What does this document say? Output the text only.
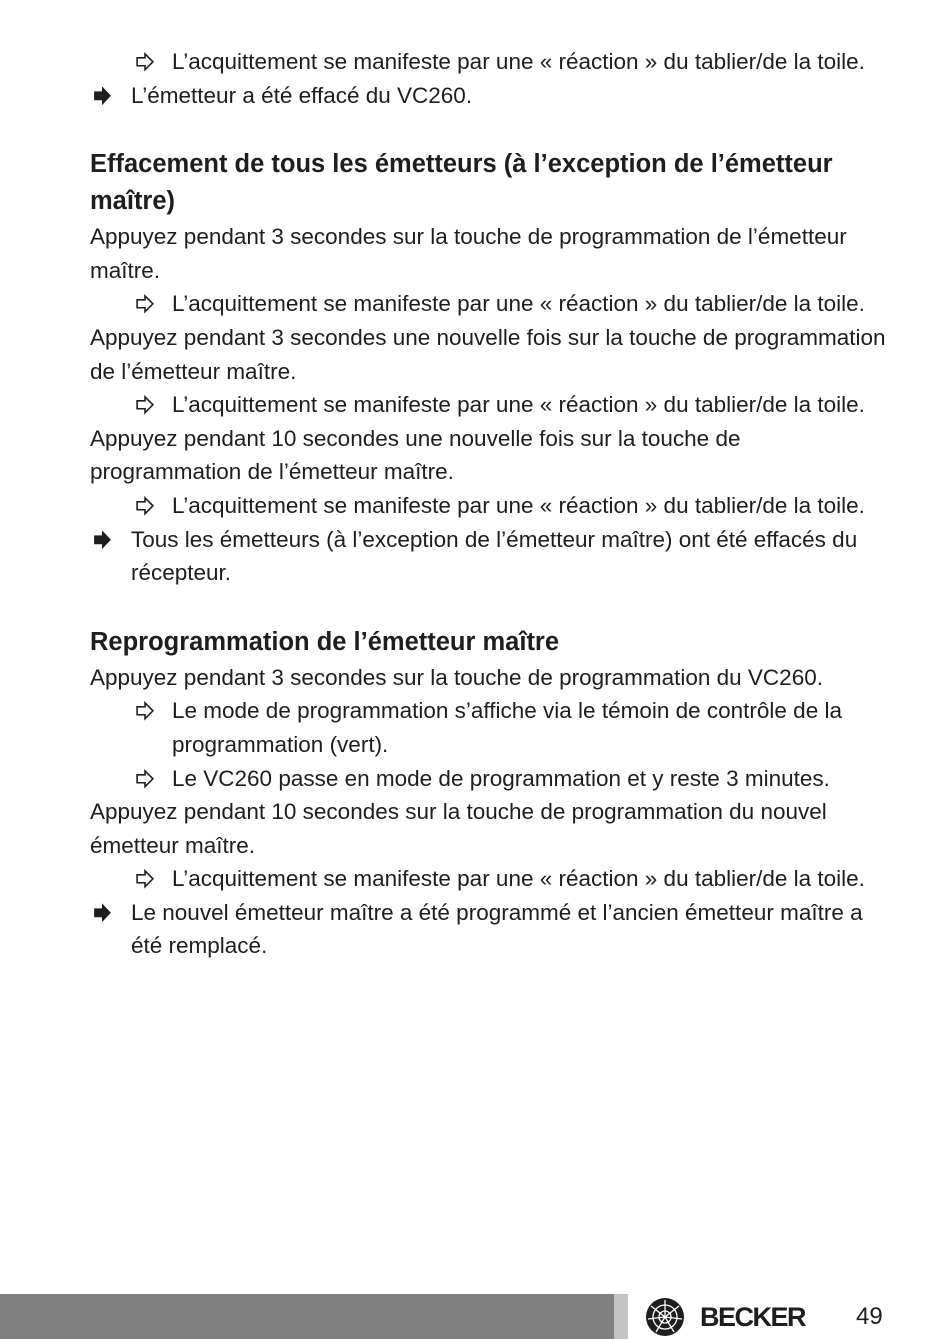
L’acquittement se manifeste par une « réaction » du tablier/de la toile.
L’émetteur a été effacé du VC260.
Effacement de tous les émetteurs (à l’exception de l’émetteur maître)

Appuyez pendant 3 secondes sur la touche de programmation de l’émetteur maître.

L’acquittement se manifeste par une « réaction » du tablier/de la toile.

Appuyez pendant 3 secondes une nouvelle fois sur la touche de programmation de l’émetteur maître.

L’acquittement se manifeste par une « réaction » du tablier/de la toile.

Appuyez pendant 10 secondes une nouvelle fois sur la touche de programmation de l’émetteur maître.

L’acquittement se manifeste par une « réaction » du tablier/de la toile.
Tous les émetteurs (à l’exception de l’émetteur maître) ont été effacés du récepteur.
Reprogrammation de l’émetteur maître

Appuyez pendant 3 secondes sur la touche de programmation du VC260.

Le mode de programmation s’affiche via le témoin de contrôle de la programmation (vert).
Le VC260 passe en mode de programmation et y reste 3 minutes.

Appuyez pendant 10 secondes sur la touche de programmation du nouvel émetteur maître.

L’acquittement se manifeste par une « réaction » du tablier/de la toile.
Le nouvel émetteur maître a été programmé et l’ancien émetteur maître a été remplacé.
BECKER 49
